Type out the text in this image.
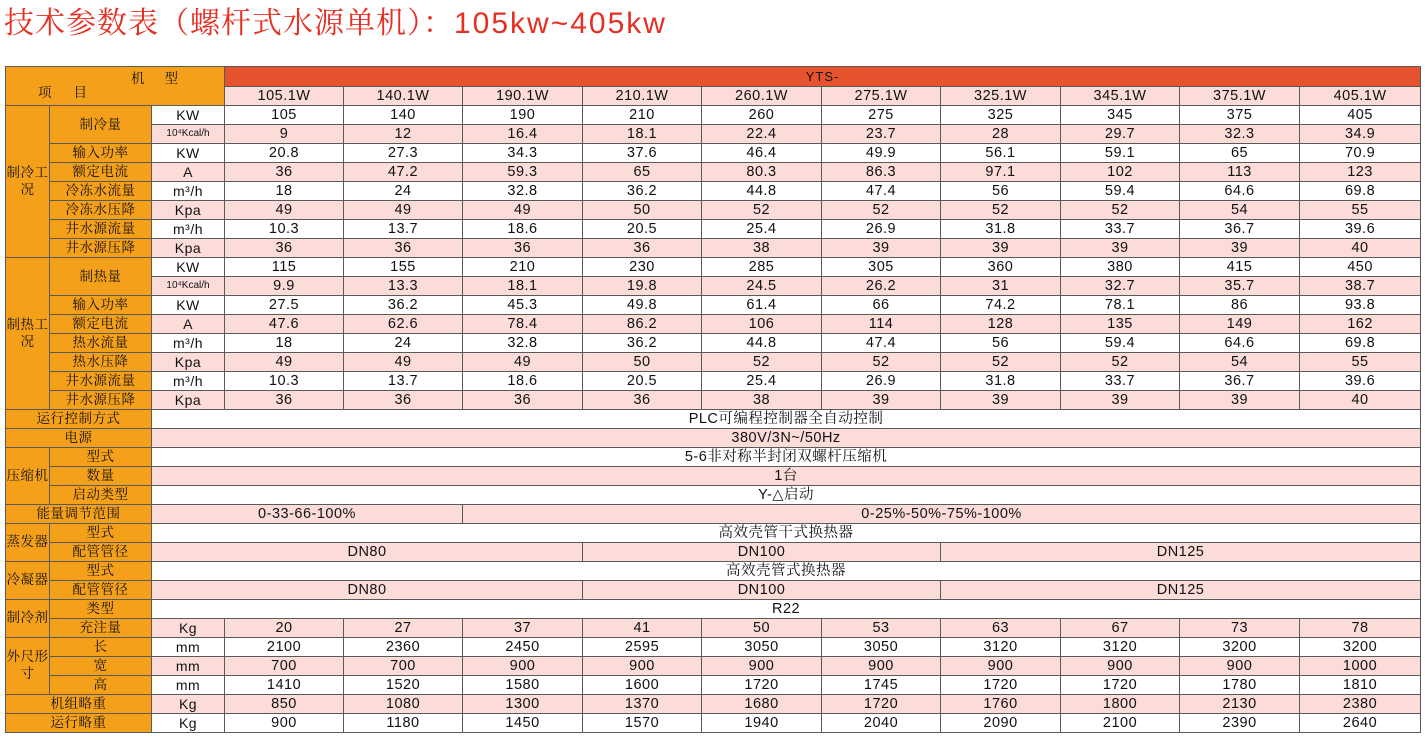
技术参数表（螺杆式水源单机）：105kw~405kw
机型
项目			YTS-									
			105.1W	140.1W	190.1W	210.1W	260.1W	275.1W	325.1W	345.1W	375.1W	405.1W
制冷工况	制冷量	KW	105	140	190	210	260	275	325	345	375	405
		10⁴Kcal/h	9	12	16.4	18.1	22.4	23.7	28	29.7	32.3	34.9
	输入功率	KW	20.8	27.3	34.3	37.6	46.4	49.9	56.1	59.1	65	70.9
	额定电流	A	36	47.2	59.3	65	80.3	86.3	97.1	102	113	123
	冷冻水流量	m³/h	18	24	32.8	36.2	44.8	47.4	56	59.4	64.6	69.8
	冷冻水压降	Kpa	49	49	49	50	52	52	52	52	54	55
	井水源流量	m³/h	10.3	13.7	18.6	20.5	25.4	26.9	31.8	33.7	36.7	39.6
	井水源压降	Kpa	36	36	36	36	38	39	39	39	39	40
制热工况	制热量	KW	115	155	210	230	285	305	360	380	415	450
		10⁴Kcal/h	9.9	13.3	18.1	19.8	24.5	26.2	31	32.7	35.7	38.7
	输入功率	KW	27.5	36.2	45.3	49.8	61.4	66	74.2	78.1	86	93.8
	额定电流	A	47.6	62.6	78.4	86.2	106	114	128	135	149	162
	热水流量	m³/h	18	24	32.8	36.2	44.8	47.4	56	59.4	64.6	69.8
	热水压降	Kpa	49	49	49	50	52	52	52	52	54	55
	井水源流量	m³/h	10.3	13.7	18.6	20.5	25.4	26.9	31.8	33.7	36.7	39.6
	井水源压降	Kpa	36	36	36	36	38	39	39	39	39	40
运行控制方式		PLC可编程控制器全自动控制										
电源		380V/3N~/50Hz										
压缩机	型式	5-6非对称半封闭双螺杆压缩机										
	数量	1台										
	启动类型	Y-△启动										
能量调节范围		0-33-66-100%			0-25%-50%-75%-100%							
蒸发器	型式	高效壳管干式换热器										
	配管管径	DN80				DN100			DN125			
冷凝器	型式	高效壳管式换热器										
	配管管径	DN80				DN100			DN125			
制冷剂	类型	R22										
	充注量	Kg	20	27	37	41	50	53	63	67	73	78
外尺形寸	长	mm	2100	2360	2450	2595	3050	3050	3120	3120	3200	3200
	宽	mm	700	700	900	900	900	900	900	900	900	1000
	高	mm	1410	1520	1580	1600	1720	1745	1720	1720	1780	1810
机组略重		Kg	850	1080	1300	1370	1680	1720	1760	1800	2130	2380
运行略重		Kg	900	1180	1450	1570	1940	2040	2090	2100	2390	2640
